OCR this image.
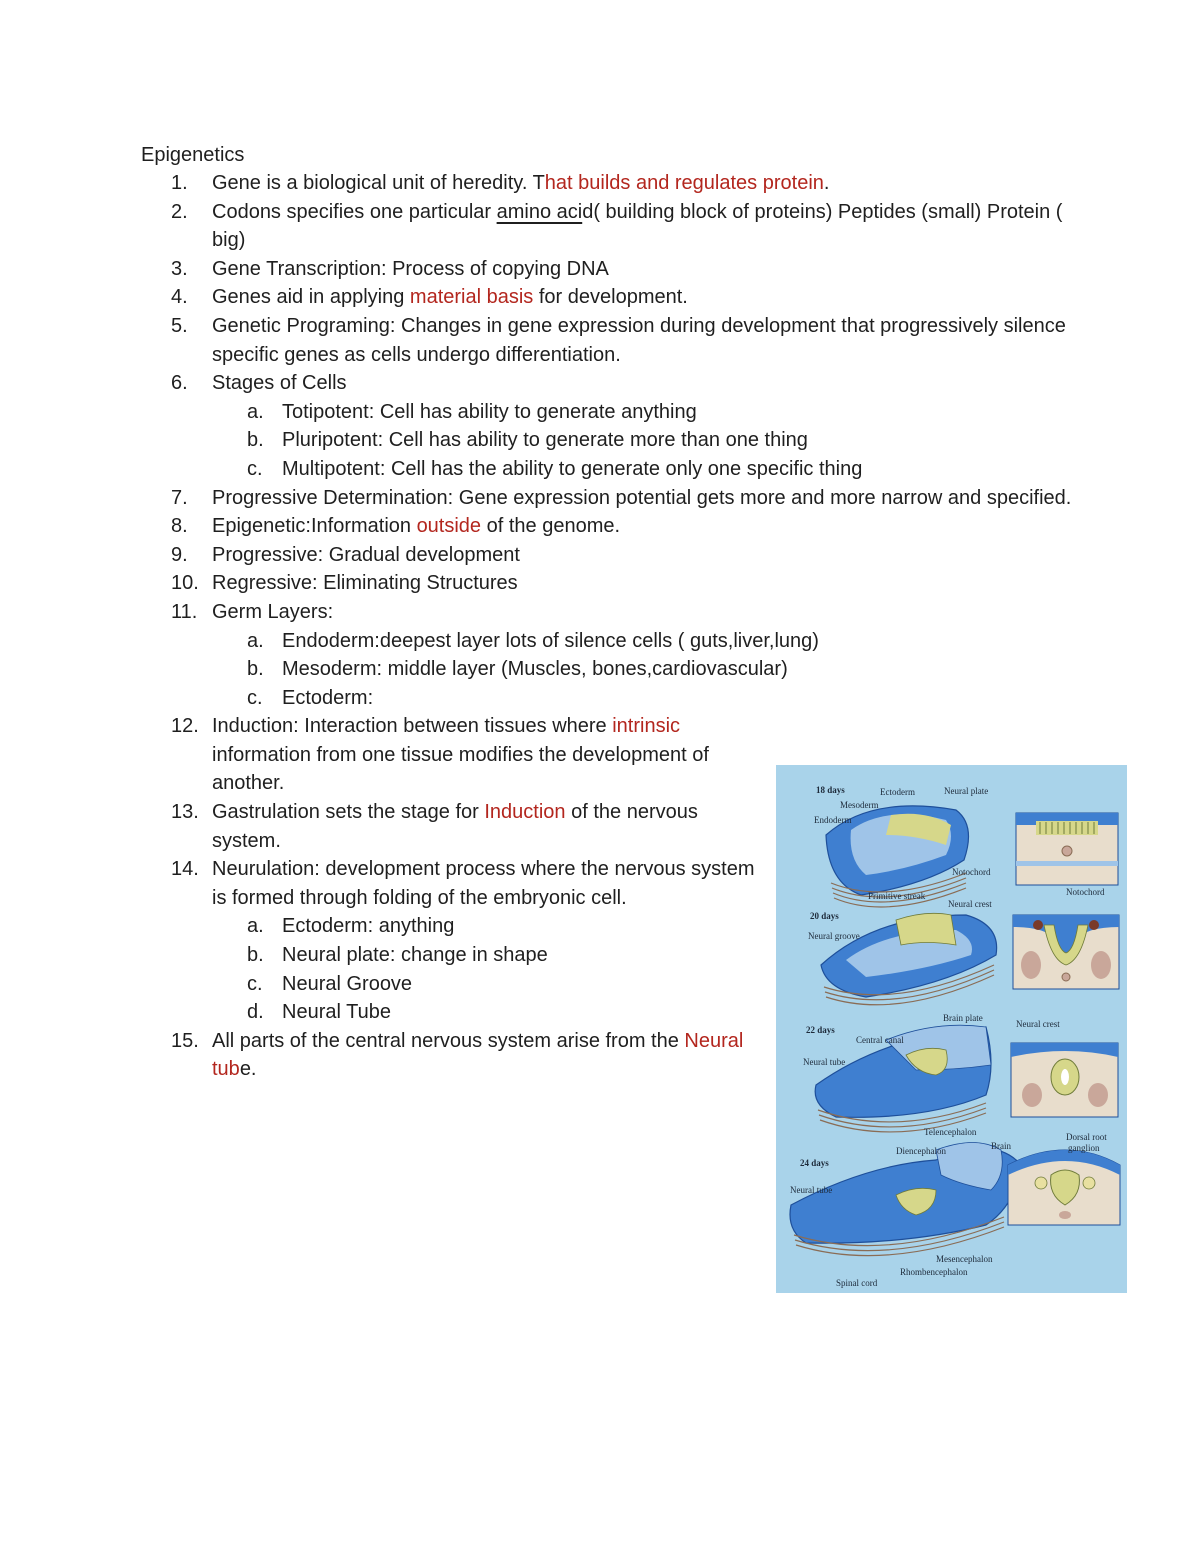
Epigenetics
1.	Gene is a biological unit of heredity. That builds and regulates protein.
2.	Codons specifies one particular amino acid( building block of proteins) Peptides (small) Protein ( big)
3.	Gene Transcription: Process of copying DNA
4.	Genes aid in applying material basis for development.
5.	Genetic Programing: Changes in gene expression during development that progressively silence specific genes as cells undergo differentiation.
6.	Stages of Cells
a. Totipotent: Cell has ability to generate anything
b. Pluripotent: Cell has ability to generate more than one thing
c. Multipotent: Cell has the ability to generate only one specific thing
7.	Progressive Determination: Gene expression potential gets more and more narrow and specified.
8.	Epigenetic:Information outside of the genome.
9.	Progressive: Gradual development
10. Regressive: Eliminating Structures
11. Germ Layers:
a. Endoderm:deepest layer lots of silence cells ( guts,liver,lung)
b. Mesoderm: middle layer (Muscles, bones,cardiovascular)
c. Ectoderm:
12. Induction: Interaction between tissues where intrinsic information from one tissue modifies the development of another.
13. Gastrulation sets the stage for Induction of the nervous system.
14. Neurulation: development process where the nervous system is formed through folding of the embryonic cell.
a. Ectoderm: anything
b. Neural plate: change in shape
c. Neural Groove
d. Neural Tube
15. All parts of the central nervous system arise from the Neural tube.
18 days	Ectoderm	Neural plate
Mesoderm
Endoderm
Notochord
Notochord
Primitive streak
Neural crest
20 days
Neural groove
Brain plate
Neural crest
22 days
Central canal
Neural tube
Telencephalon	Dorsal root
ganglion
Brain
Diencephalon
24 days
Neural tube
Mesencephalon
Rhombencephalon
Spinal cord
